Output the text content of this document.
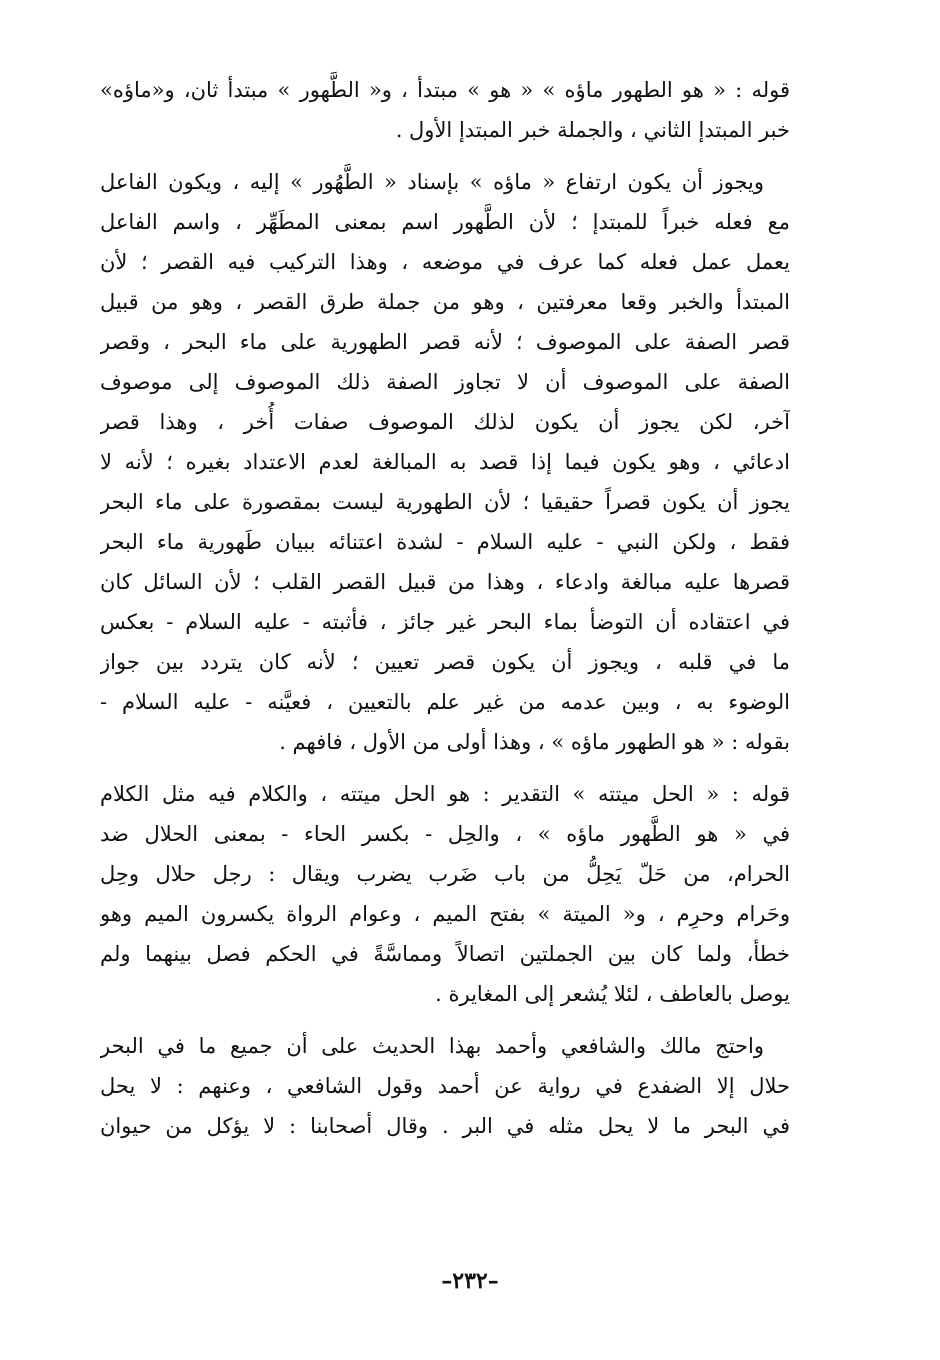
قوله : « هو الطهور ماؤه » « هو » مبتدأ ، و« الطَّهور » مبتدأ ثان، و«ماؤه»
خبر المبتدإ الثاني ، والجملة خبر المبتدإ الأول .
ويجوز أن يكون ارتفاع « ماؤه » بإسناد « الطَّهُور » إليه ، ويكون الفاعل
مع فعله خبراً للمبتدإ ؛ لأن الطَّهور اسم بمعنى المطَهِّر ، واسم الفاعل
يعمل عمل فعله كما عرف في موضعه ، وهذا التركيب فيه القصر ؛ لأن
المبتدأ والخبر وقعا معرفتين ، وهو من جملة طرق القصر ، وهو من قبيل
قصر الصفة على الموصوف ؛ لأنه قصر الطهورية على ماء البحر ، وقصر
الصفة على الموصوف أن لا تجاوز الصفة ذلك الموصوف إلى موصوف
آخر، لكن يجوز أن يكون لذلك الموصوف صفات أُخر ، وهذا قصر
ادعائي ، وهو يكون فيما إذا قصد به المبالغة لعدم الاعتداد بغيره ؛ لأنه لا
يجوز أن يكون قصراً حقيقيا ؛ لأن الطهورية ليست بمقصورة على ماء البحر
فقط ، ولكن النبي - عليه السلام - لشدة اعتنائه ببيان طَهورية ماء البحر
قصرها عليه مبالغة وادعاء ، وهذا من قبيل القصر القلب ؛ لأن السائل كان
في اعتقاده أن التوضأ بماء البحر غير جائز ، فأثبته - عليه السلام - بعكس
ما في قلبه ، ويجوز أن يكون قصر تعيين ؛ لأنه كان يتردد بين جواز
الوضوء به ، وبين عدمه من غير علم بالتعيين ، فعيَّنه - عليه السلام -
بقوله : « هو الطهور ماؤه » ، وهذا أولى من الأول ، فافهم .
قوله : « الحل ميتته » التقدير : هو الحل ميتته ، والكلام فيه مثل الكلام
في « هو الطَّهور ماؤه » ، والحِل - بكسر الحاء - بمعنى الحلال ضد
الحرام، من حَلّ يَحِلُّ من باب ضَرب يضرب ويقال : رجل حلال وحِل
وحَرام وحرِم ، و« الميتة » بفتح الميم ، وعوام الرواة يكسرون الميم وهو
خطأ، ولما كان بين الجملتين اتصالاً ومماسَّةً في الحكم فصل بينهما ولم
يوصل بالعاطف ، لئلا يُشعر إلى المغايرة .
واحتج مالك والشافعي وأحمد بهذا الحديث على أن جميع ما في البحر
حلال إلا الضفدع في رواية عن أحمد وقول الشافعي ، وعنهم : لا يحل
في البحر ما لا يحل مثله في البر . وقال أصحابنا : لا يؤكل من حيوان
–٢٣٢–
